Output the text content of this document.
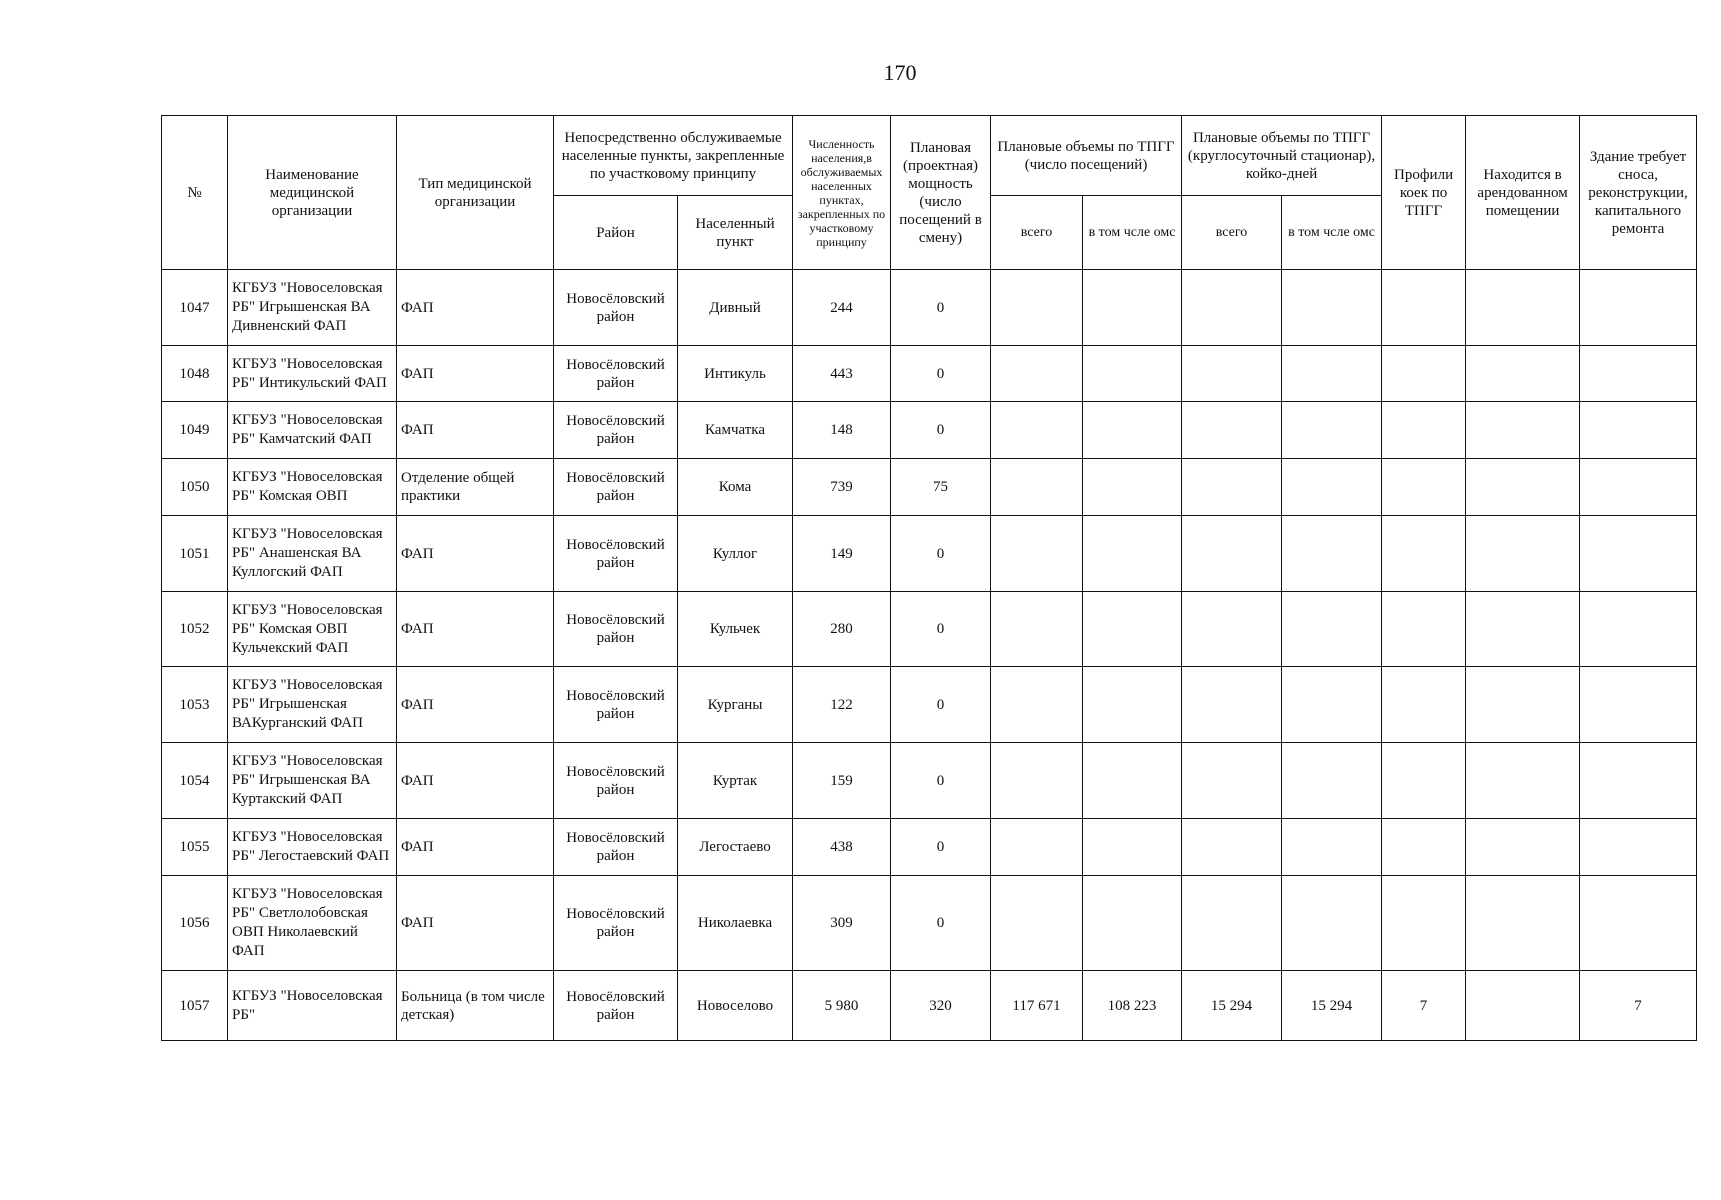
170
№	Наименование медицинской организации	Тип медицинской организации	Непосредственно обслуживаемые населенные пункты, закрепленные по участковому принципу		Численность населения,в обслуживаемых населенных пунктах, закрепленных по участковому принципу	Плановая (проектная) мощность (число посещений в смену)	Плановые объемы по ТПГГ (число посещений)		Плановые объемы по ТПГГ (круглосуточный стационар), койко-дней		Профили коек по ТПГГ	Находится в арендованном помещении	Здание требует сноса, реконструкции, капитального ремонта
			Район	Населенный пункт			всего	в том чсле омс	всего	в том чсле омс			
1047	КГБУЗ "Новоселовская РБ" Игрышенская ВА Дивненский ФАП	ФАП	Новосёловский район	Дивный	244	0							
1048	КГБУЗ "Новоселовская РБ" Интикульский ФАП	ФАП	Новосёловский район	Интикуль	443	0							
1049	КГБУЗ "Новоселовская РБ" Камчатский ФАП	ФАП	Новосёловский район	Камчатка	148	0							
1050	КГБУЗ "Новоселовская РБ" Комская ОВП	Отделение общей практики	Новосёловский район	Кома	739	75							
1051	КГБУЗ "Новоселовская РБ" Анашенская ВА Куллогский ФАП	ФАП	Новосёловский район	Куллог	149	0							
1052	КГБУЗ "Новоселовская РБ" Комская ОВП Кульчекский ФАП	ФАП	Новосёловский район	Кульчек	280	0							
1053	КГБУЗ "Новоселовская РБ" Игрышенская ВАКурганский ФАП	ФАП	Новосёловский район	Курганы	122	0							
1054	КГБУЗ "Новоселовская РБ" Игрышенская ВА Куртакский ФАП	ФАП	Новосёловский район	Куртак	159	0							
1055	КГБУЗ "Новоселовская РБ" Легостаевский ФАП	ФАП	Новосёловский район	Легостаево	438	0							
1056	КГБУЗ "Новоселовская РБ" Светлолобовская ОВП Николаевский ФАП	ФАП	Новосёловский район	Николаевка	309	0							
1057	КГБУЗ "Новоселовская РБ"	Больница (в том числе детская)	Новосёловский район	Новоселово	5 980	320	117 671	108 223	15 294	15 294	7		7
